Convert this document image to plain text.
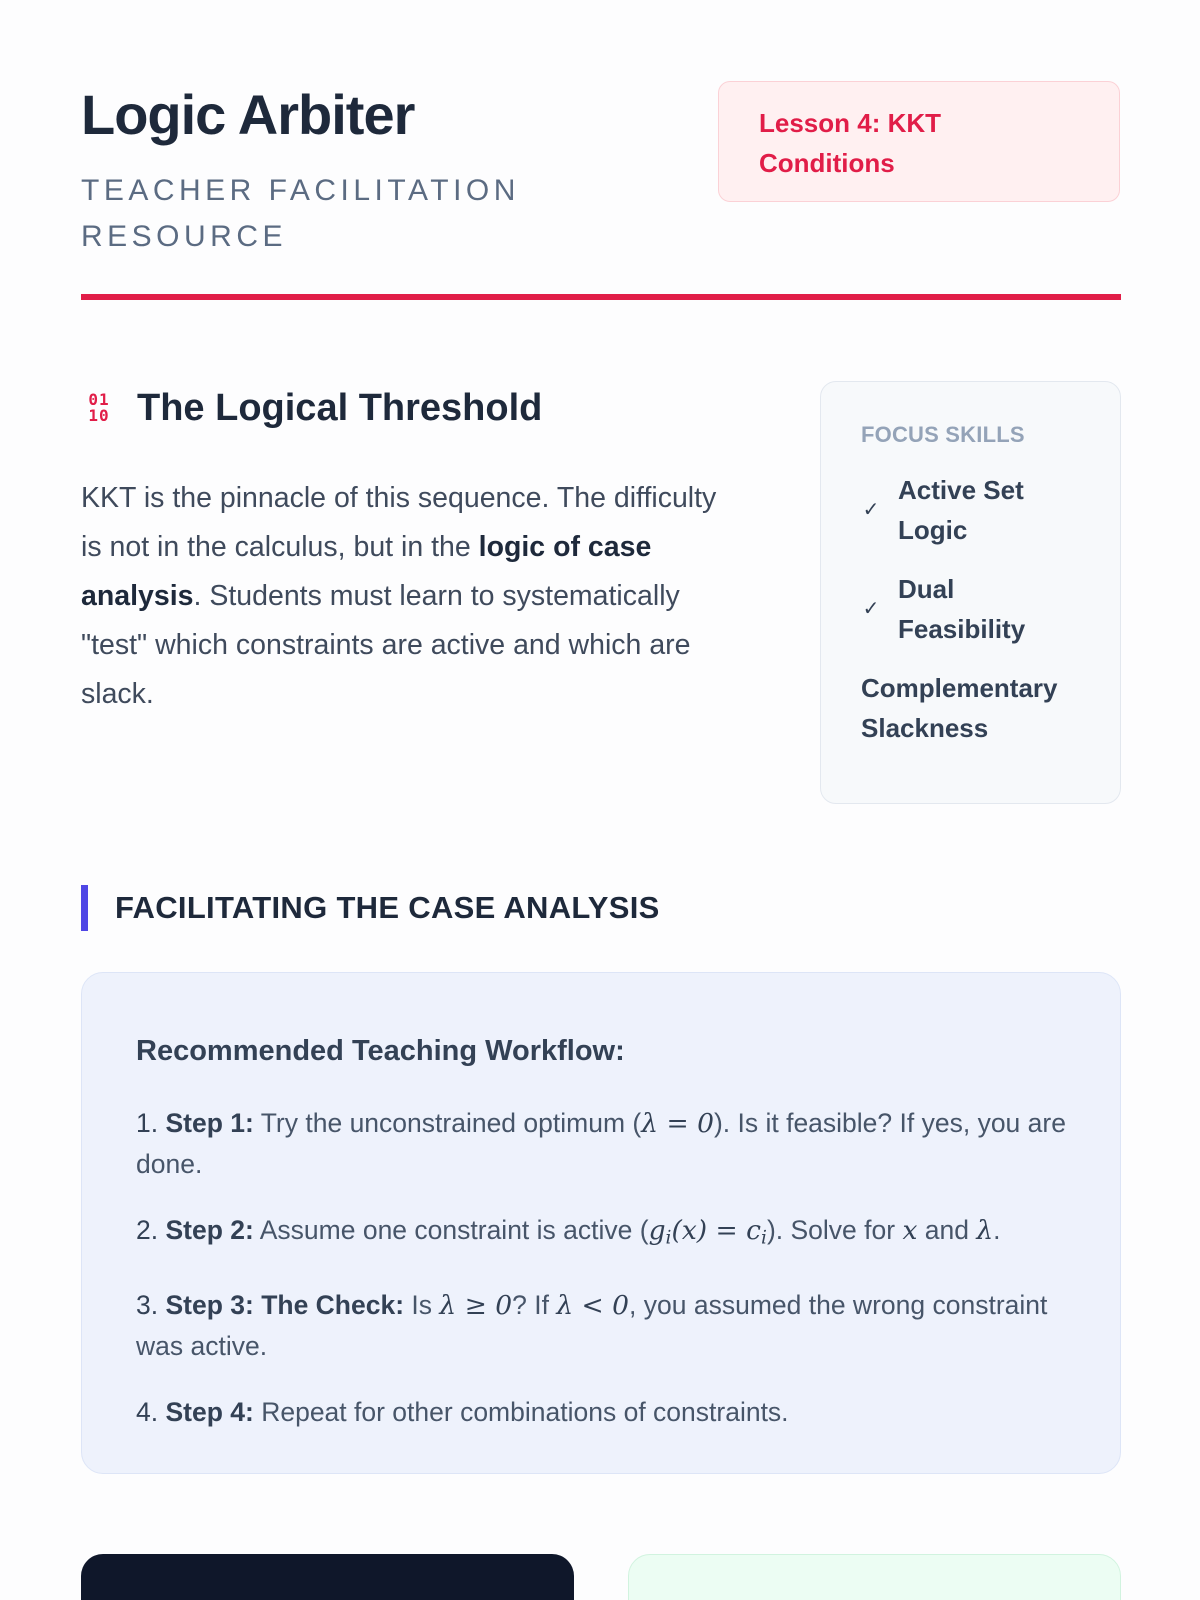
Logic Arbiter
TEACHER FACILITATION RESOURCE
Lesson 4: KKT Conditions
01
10 The Logical Threshold

KKT is the pinnacle of this sequence. The difficulty is not in the calculus, but in the logic of case analysis. Students must learn to systematically "test" which constraints are active and which are slack.

FOCUS SKILLS
✓
Active Set Logic
✓
Dual Feasibility
Complementary Slackness
FACILITATING THE CASE ANALYSIS
Recommended Teaching Workflow:

1. Step 1: Try the unconstrained optimum (λ = 0). Is it feasible? If yes, you are done.

2. Step 2: Assume one constraint is active $(g_i(x) = c_i)$. Solve for x and λ.

3. Step 3: The Check: Is λ ≥ 0? If λ < 0, you assumed the wrong constraint was active.

4. Step 4: Repeat for other combinations of constraints.
